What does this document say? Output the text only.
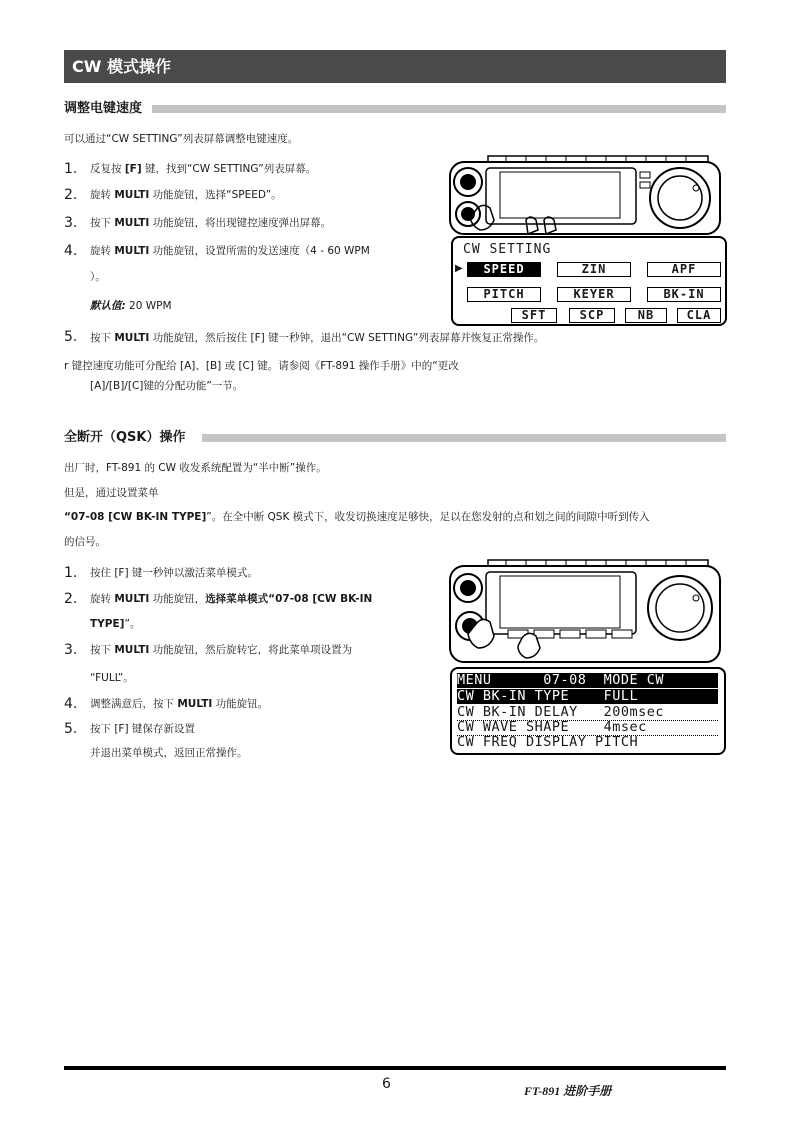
CW 模式操作
调整电键速度
可以通过“CW SETTING”列表屏幕调整电键速度。
1. 反复按 [F] 键，找到“CW SETTING”列表屏幕。
2. 旋转 MULTI 功能旋钮，选择“SPEED”。
3. 按下 MULTI 功能旋钮，将出现键控速度弹出屏幕。
4. 旋转 MULTI 功能旋钮，设置所需的发送速度（4 - 60 WPM
）。
默认值: 20 WPM
5. 按下 MULTI 功能旋钮，然后按住 [F] 键一秒钟，退出“CW SETTING”列表屏幕并恢复正常操作。
r 键控速度功能可分配给 [A]、[B] 或 [C] 键。请参阅《FT-891 操作手册》中的“更改
[A]/[B]/[C]键的分配功能”一节。
CW SETTING
▶	SPEED	ZIN	APF
PITCH	KEYER	BK-IN
SFT	SCP	NB	CLA
全断开（QSK）操作
出厂时，FT-891 的 CW 收发系统配置为“半中断”操作。
但是，通过设置菜单
“07-08 [CW BK-IN TYPE]”。在全中断 QSK 模式下，收发切换速度足够快，足以在您发射的点和划之间的间隙中听到传入
的信号。
1. 按住 [F] 键一秒钟以激活菜单模式。
2. 旋转 MULTI 功能旋钮，选择菜单模式“07-08 [CW BK-IN
TYPE]”。
3. 按下 MULTI 功能旋钮，然后旋转它，将此菜单项设置为
“FULL”。
4. 调整满意后，按下 MULTI 功能旋钮。
5. 按下 [F] 键保存新设置
并退出菜单模式，返回正常操作。
MENU      07-08  MODE CW
CW BK-IN TYPE    FULL
CW BK-IN DELAY   200msec
CW WAVE SHAPE    4msec
CW FREQ DISPLAY PITCH
6	FT-891 进阶手册
